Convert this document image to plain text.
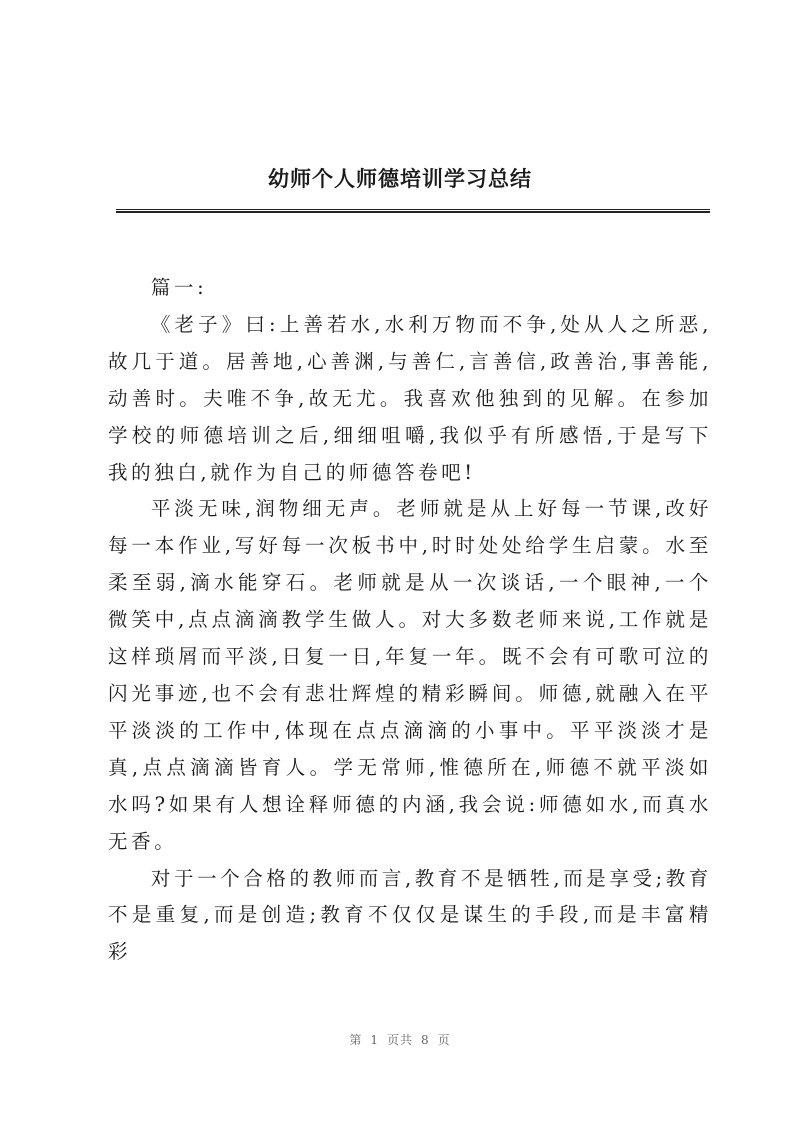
幼师个人师德培训学习总结

篇一:

《老子》曰:上善若水,水利万物而不争,处从人之所恶,故几于道。居善地,心善渊,与善仁,言善信,政善治,事善能,动善时。夫唯不争,故无尤。我喜欢他独到的见解。在参加学校的师德培训之后,细细咀嚼,我似乎有所感悟,于是写下我的独白,就作为自己的师德答卷吧!

平淡无味,润物细无声。老师就是从上好每一节课,改好每一本作业,写好每一次板书中,时时处处给学生启蒙。水至柔至弱,滴水能穿石。老师就是从一次谈话,一个眼神,一个微笑中,点点滴滴教学生做人。对大多数老师来说,工作就是这样琐屑而平淡,日复一日,年复一年。既不会有可歌可泣的闪光事迹,也不会有悲壮辉煌的精彩瞬间。师德,就融入在平平淡淡的工作中,体现在点点滴滴的小事中。平平淡淡才是真,点点滴滴皆育人。学无常师,惟德所在,师德不就平淡如水吗?如果有人想诠释师德的内涵,我会说:师德如水,而真水无香。

对于一个合格的教师而言,教育不是牺牲,而是享受;教育不是重复,而是创造;教育不仅仅是谋生的手段,而是丰富精彩

第 1 页共 8 页
